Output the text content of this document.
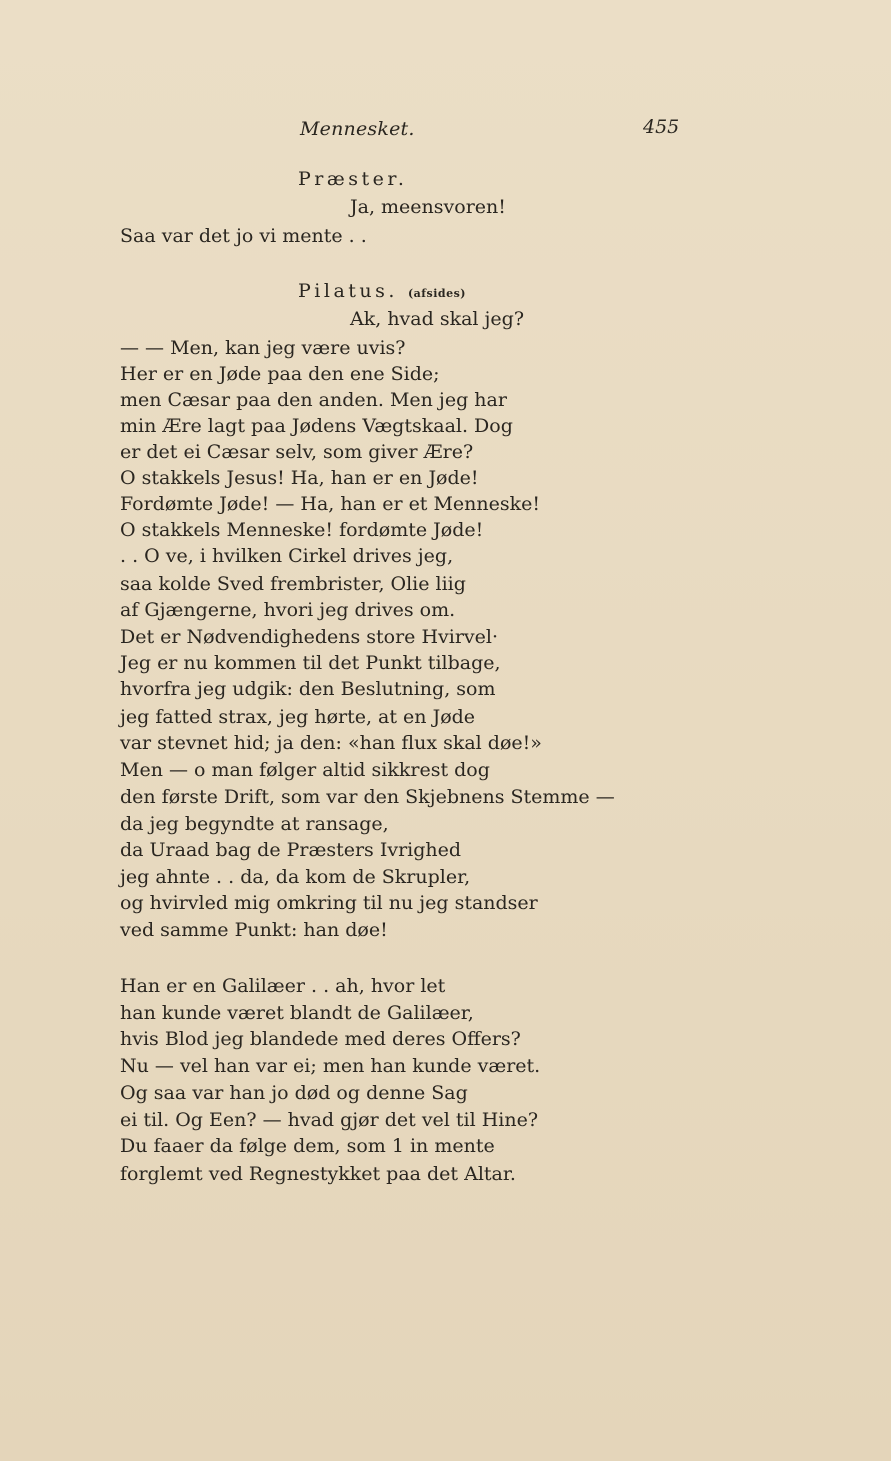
Mennesket.	455
Præster.
Ja, meensvoren!
Saa var det jo vi mente . .
Pilatus. (afsides)
Ak, hvad skal jeg?
— — Men, kan jeg være uvis?
Her er en Jøde paa den ene Side;
men Cæsar paa den anden. Men jeg har
min Ære lagt paa Jødens Vægtskaal. Dog
er det ei Cæsar selv, som giver Ære?
O stakkels Jesus! Ha, han er en Jøde!
Fordømte Jøde! — Ha, han er et Menneske!
O stakkels Menneske! fordømte Jøde!
. . O ve, i hvilken Cirkel drives jeg,
saa kolde Sved frembrister, Olie liig
af Gjængerne, hvori jeg drives om.
Det er Nødvendighedens store Hvirvel·
Jeg er nu kommen til det Punkt tilbage,
hvorfra jeg udgik: den Beslutning, som
jeg fatted strax, jeg hørte, at en Jøde
var stevnet hid; ja den: «han flux skal døe!»
Men — o man følger altid sikkrest dog
den første Drift, som var den Skjebnens Stemme —
da jeg begyndte at ransage,
da Uraad bag de Præsters Ivrighed
jeg ahnte . . da, da kom de Skrupler,
og hvirvled mig omkring til nu jeg standser
ved samme Punkt: han døe!
Han er en Galilæer . . ah, hvor let
han kunde været blandt de Galilæer,
hvis Blod jeg blandede med deres Offers?
Nu — vel han var ei; men han kunde været.
Og saa var han jo død og denne Sag
ei til. Og Een? — hvad gjør det vel til Hine?
Du faaer da følge dem, som 1 in mente
forglemt ved Regnestykket paa det Altar.
